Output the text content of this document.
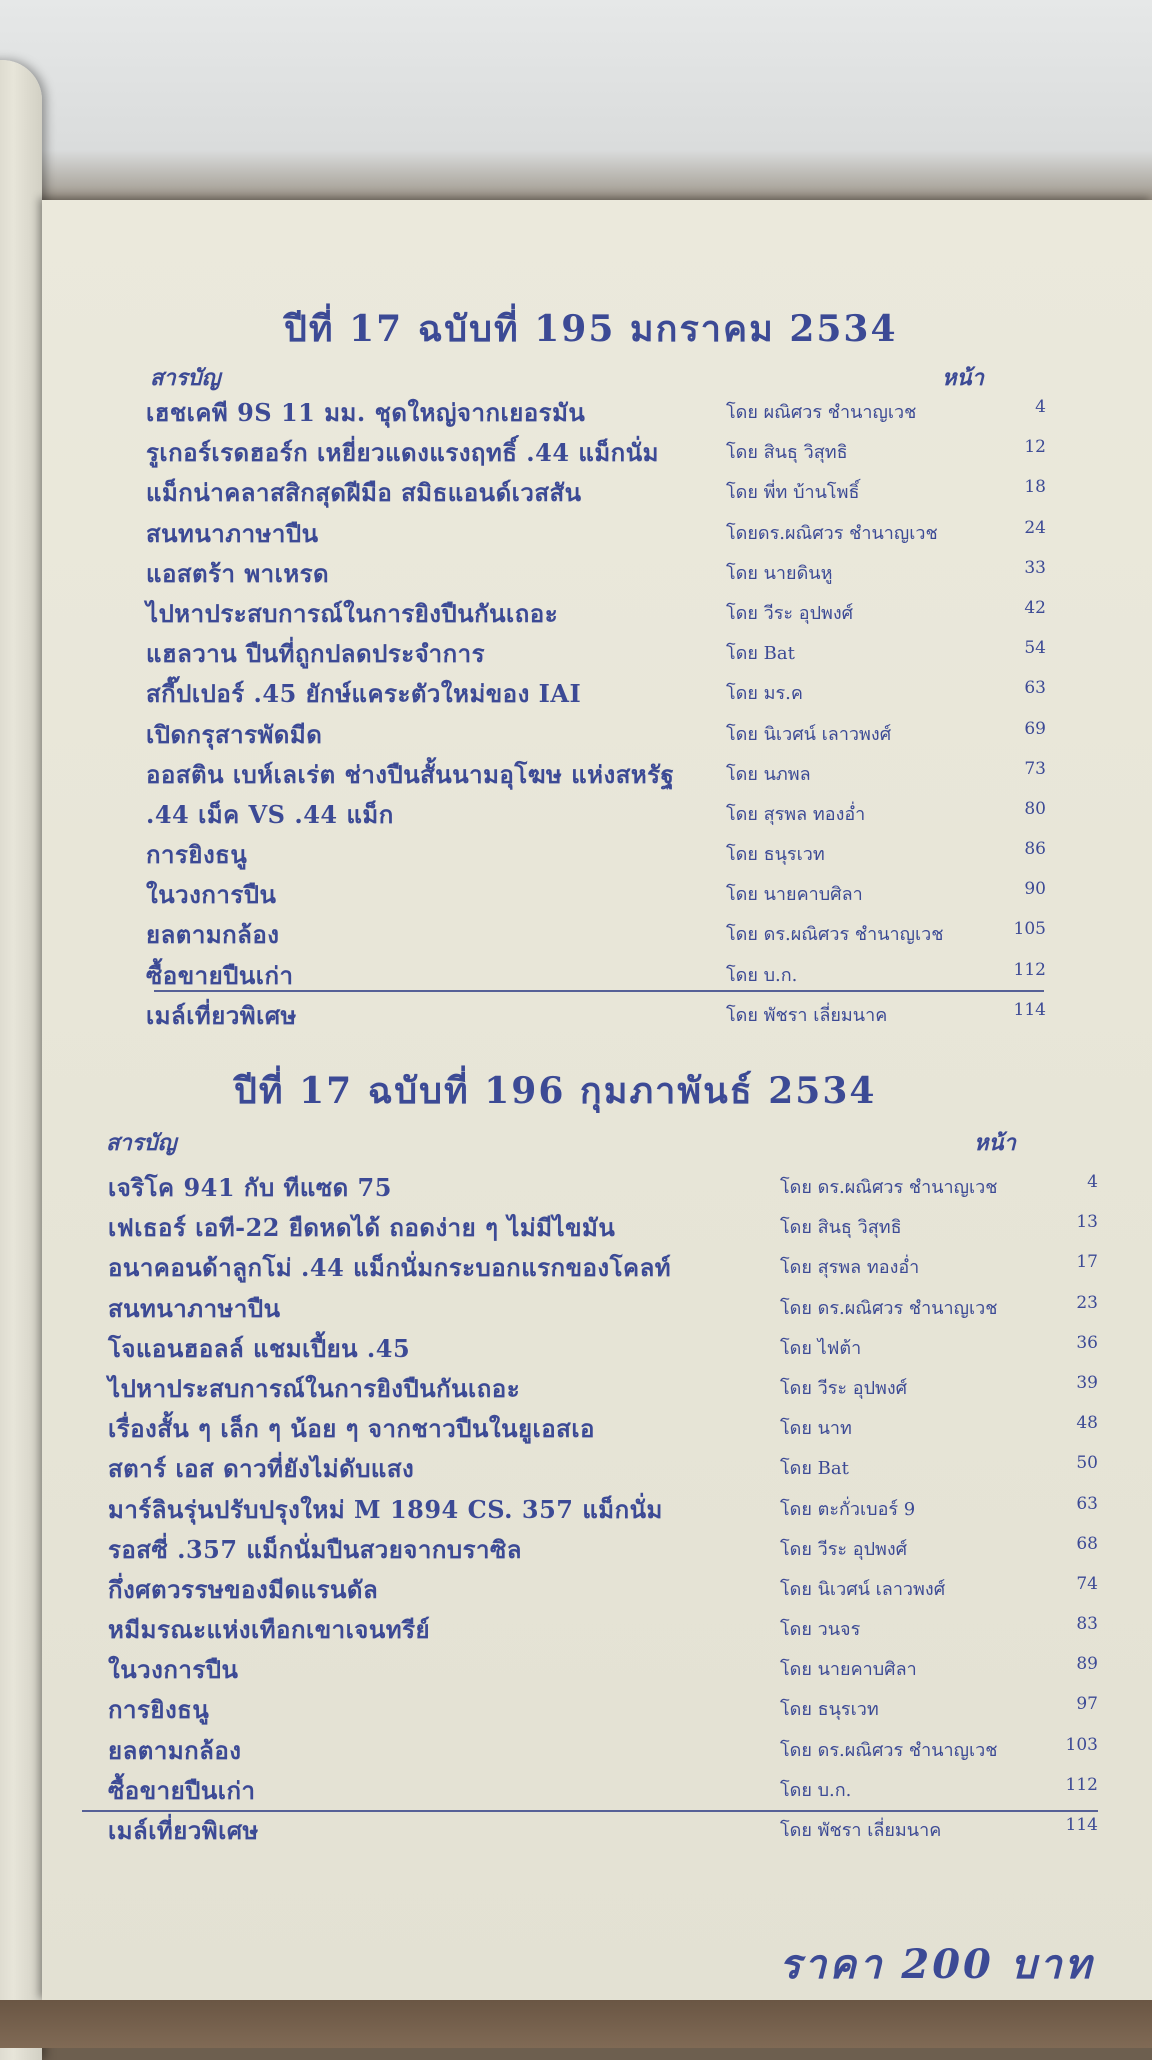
ปีที่ 17 ฉบับที่ 195 มกราคม 2534
สารบัญ	หน้า
เฮชเคพี 9S 11 มม. ชุดใหญ่จากเยอรมัน	โดย ผณิศวร ชำนาญเวช	4
รูเกอร์เรดฮอร์ก เหยี่ยวแดงแรงฤทธิ์ .44 แม็กนั่ม	โดย สินธุ วิสุทธิ	12
แม็กน่าคลาสสิกสุดฝีมือ สมิธแอนด์เวสสัน	โดย พี่ท บ้านโพธิ์	18
สนทนาภาษาปืน	โดยดร.ผณิศวร ชำนาญเวช	24
แอสตร้า พาเหรด	โดย นายดินหู	33
ไปหาประสบการณ์ในการยิงปืนกันเถอะ	โดย วีระ อุปพงศ์	42
แฮลวาน ปืนที่ถูกปลดประจำการ	โดย Bat	54
สกี๊ปเปอร์ .45 ยักษ์แคระตัวใหม่ของ IAI	โดย มร.ค	63
เปิดกรุสารพัดมีด	โดย นิเวศน์ เลาวพงศ์	69
ออสติน เบห์เลเร่ต ช่างปืนสั้นนามอุโฆษ แห่งสหรัฐ	โดย นภพล	73
.44 เม็ค VS .44 แม็ก	โดย สุรพล ทองอ่ำ	80
การยิงธนู	โดย ธนุรเวท	86
ในวงการปืน	โดย นายคาบศิลา	90
ยลตามกล้อง	โดย ดร.ผณิศวร ชำนาญเวช	105
ซื้อขายปืนเก่า	โดย บ.ก.	112
เมล์เที่ยวพิเศษ	โดย พัชรา เลี่ยมนาค	114
ปีที่ 17 ฉบับที่ 196 กุมภาพันธ์ 2534
สารบัญ	หน้า
เจริโค 941 กับ ทีแซด 75	โดย ดร.ผณิศวร ชำนาญเวช	4
เฟเธอร์ เอที-22 ยืดหดได้ ถอดง่าย ๆ ไม่มีไขมัน	โดย สินธุ วิสุทธิ	13
อนาคอนด้าลูกโม่ .44 แม็กนั่มกระบอกแรกของโคลท์	โดย สุรพล ทองอ่ำ	17
สนทนาภาษาปืน	โดย ดร.ผณิศวร ชำนาญเวช	23
โจแอนฮอลล์ แชมเปี้ยน .45	โดย ไฟต้า	36
ไปหาประสบการณ์ในการยิงปืนกันเถอะ	โดย วีระ อุปพงศ์	39
เรื่องสั้น ๆ เล็ก ๆ น้อย ๆ จากชาวปืนในยูเอสเอ	โดย นาท	48
สตาร์ เอส ดาวที่ยังไม่ดับแสง	โดย Bat	50
มาร์ลินรุ่นปรับปรุงใหม่ M 1894 CS. 357 แม็กนั่ม	โดย ตะกั่วเบอร์ 9	63
รอสซี่ .357 แม็กนั่มปืนสวยจากบราซิล	โดย วีระ อุปพงศ์	68
กึ่งศตวรรษของมีดแรนดัล	โดย นิเวศน์ เลาวพงศ์	74
หมีมรณะแห่งเทือกเขาเจนทรีย์	โดย วนจร	83
ในวงการปืน	โดย นายคาบศิลา	89
การยิงธนู	โดย ธนุรเวท	97
ยลตามกล้อง	โดย ดร.ผณิศวร ชำนาญเวช	103
ซื้อขายปืนเก่า	โดย บ.ก.	112
เมล์เที่ยวพิเศษ	โดย พัชรา เลี่ยมนาค	114
ราคา 200 บาท
